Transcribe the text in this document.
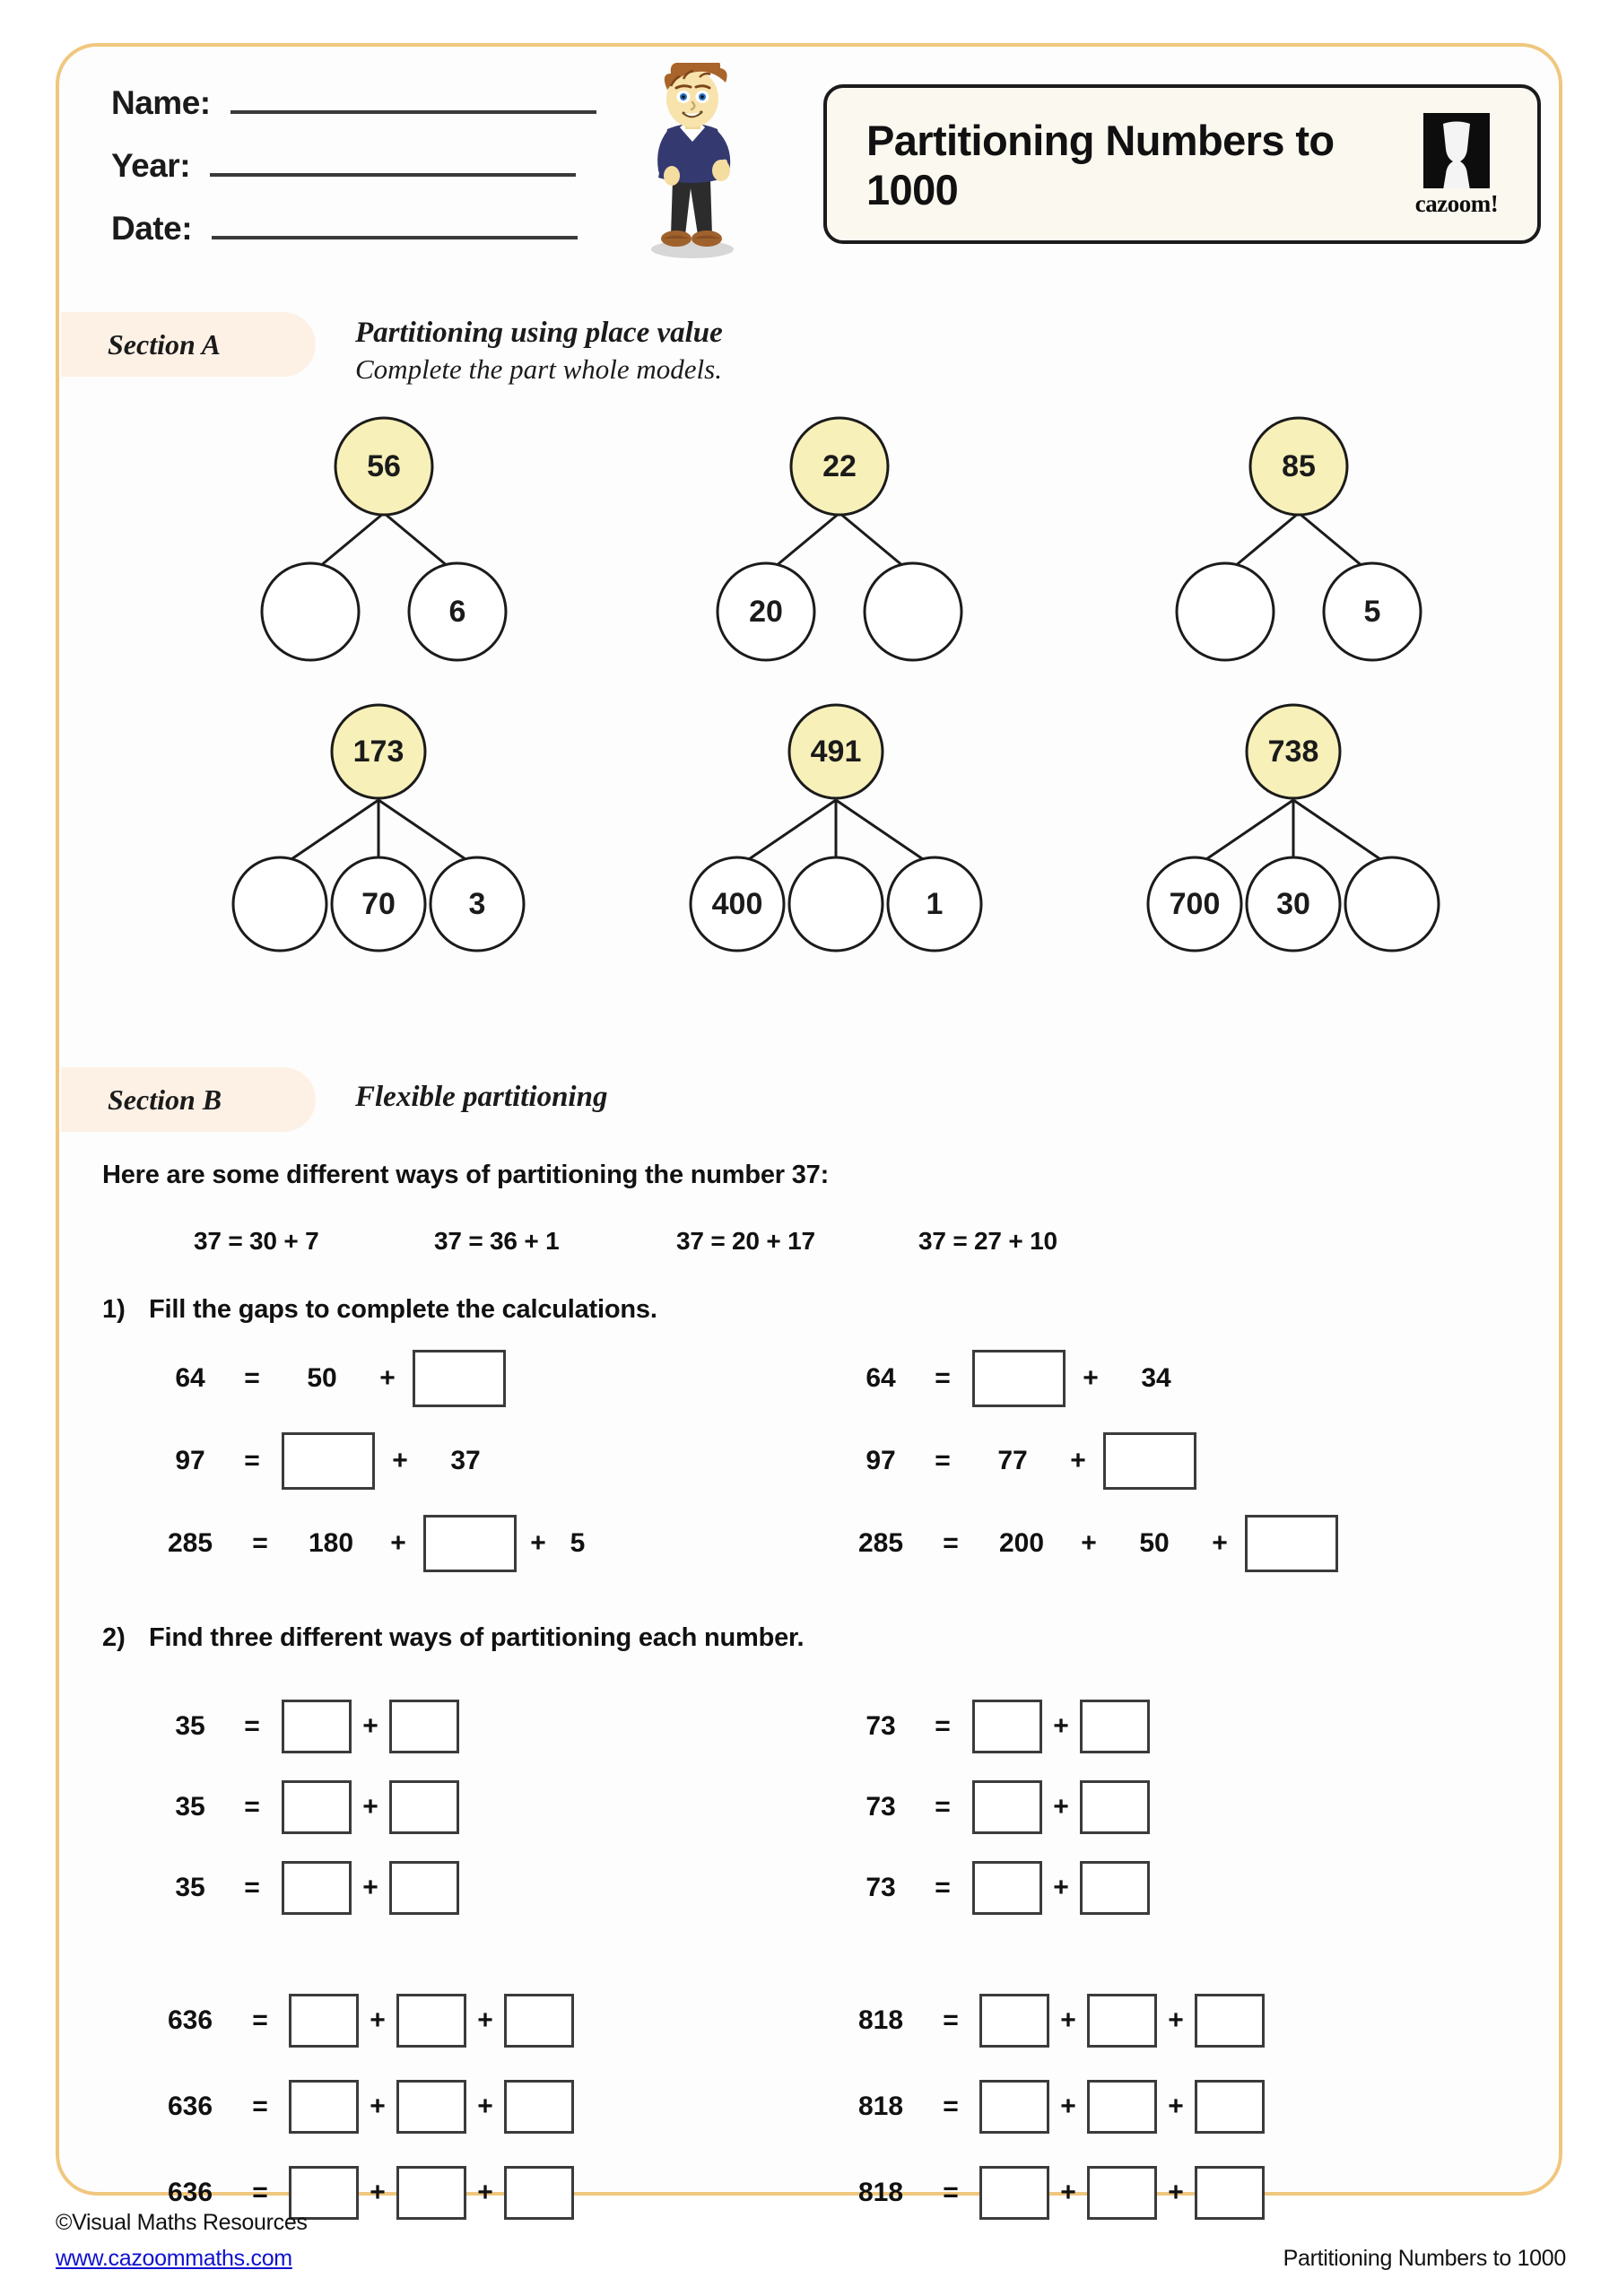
Name:
Year:
Date:
Partitioning Numbers to 1000	cazoom!
Section A	Partitioning using place value
Complete the part whole models.
56
6
22
20
85
5
173
70 3
491
400	1
738
700 30
Section B	Flexible partitioning
Here are some different ways of partitioning the number 37:
37 = 30 + 7	37 = 36 + 1	37 = 20 + 17	37 = 27 + 10
1) Fill the gaps to complete the calculations.
64	=	50	+
97	=	+	37
285	=	180	+	+ 5
64	=	+	34
97	=	77	+
285	=	200	+	50	+
2) Find three different ways of partitioning each number.
35	=	+
35	=	+
35	=	+
73	=	+
73	=	+
73	=	+
636	=	+	+
636	=	+	+
636	=	+	+
818	=	+	+
818	=	+	+
818	=	+	+
©Visual Maths Resources
www.cazoommaths.com	Partitioning Numbers to 1000
